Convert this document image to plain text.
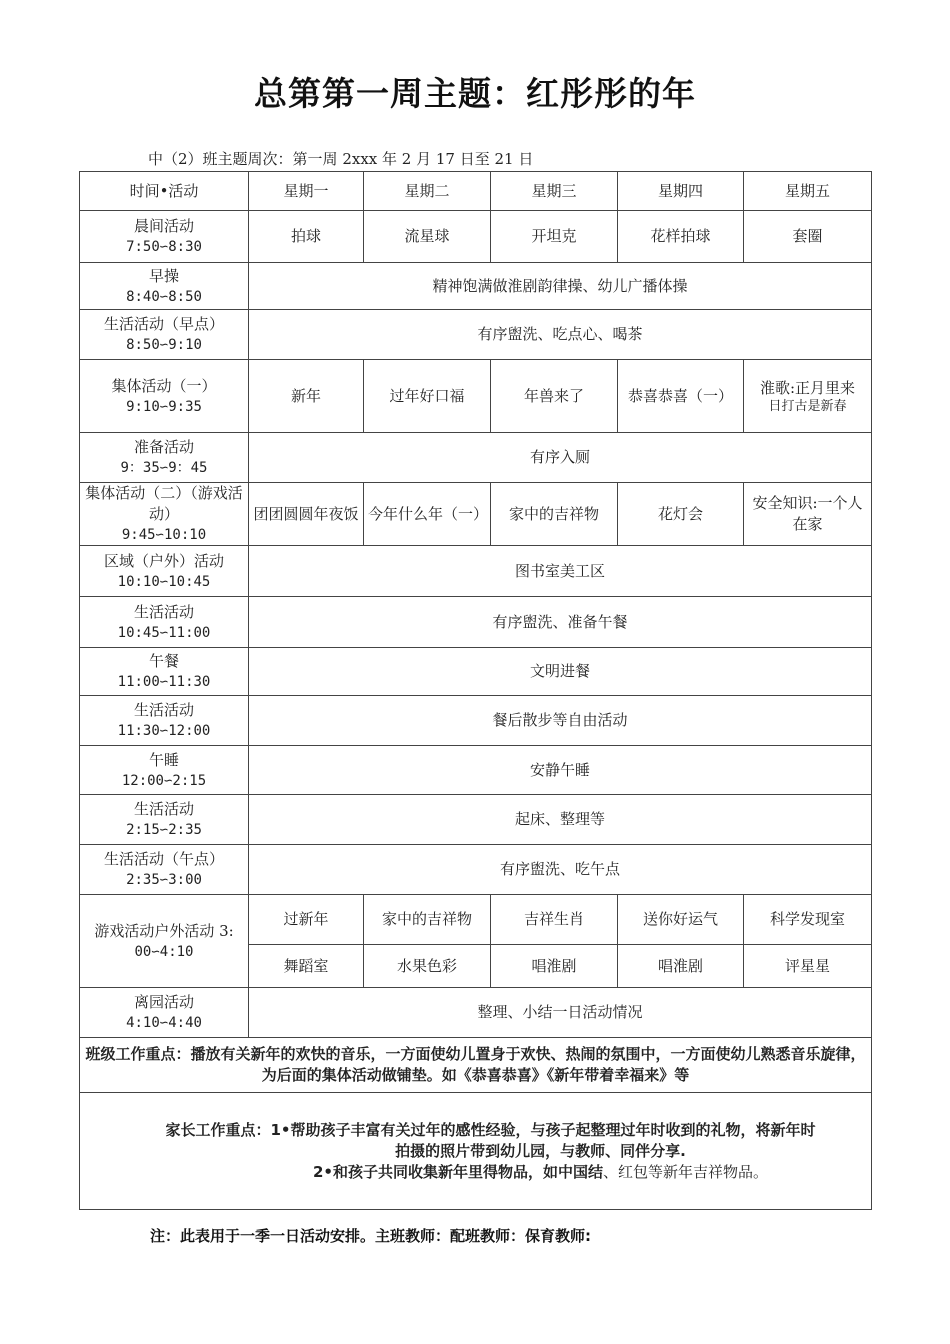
总第第一周主题：红彤彤的年
中（2）班主题周次：第一周 2xxx 年 2 月 17 日至 21 日
时间•活动	星期一	星期二	星期三	星期四	星期五

晨间活动
7:50∽8:30	拍球	流星球	开坦克	花样拍球	套圈

早操
8:40∽8:50	精神饱满做淮剧韵律操、幼儿广播体操				

生活活动（早点）
8:50∽9:10	有序盥洗、吃点心、喝茶				

集体活动（一）
9:10∽9:35	新年	过年好口福	年兽来了	恭喜恭喜（一）	淮歌:正月里来
日打古是新春

准备活动
9：35∽9：45	有序入厕				

集体活动（二）（游戏活动）
9:45∽10:10	团团圆圆年夜饭	今年什么年（一）	家中的吉祥物	花灯会	安全知识:一个人在家

区域（户外）活动
10:10∽10:45	图书室美工区				

生活活动
10:45∽11:00	有序盥洗、准备午餐				

午餐
11:00∽11:30	文明进餐				

生活活动
11:30∽12:00	餐后散步等自由活动				

午睡
12:00∽2:15	安静午睡				

生活活动
2:15∽2:35	起床、整理等				

生活活动（午点）
2:35∽3:00	有序盥洗、吃午点				

游戏活动户外活动 3:
00∽4:10	过新年	家中的吉祥物	吉祥生肖	送你好运气	科学发现室
	舞蹈室	水果色彩	唱淮剧	唱淮剧	评星星

离园活动
4:10∽4:40	整理、小结一日活动情况				
班级工作重点：播放有关新年的欢快的音乐，一方面使幼儿置身于欢快、热闹的氛围中，一方面使幼儿熟悉音乐旋律，为后面的集体活动做铺垫。如《恭喜恭喜》《新年带着幸福来》等					

家长工作重点：1•帮助孩子丰富有关过年的感性经验，与孩子起整理过年时收到的礼物，将新年时
拍摄的照片带到幼儿园，与教师、同伴分享.
2•和孩子共同收集新年里得物品，如中国结、红包等新年吉祥物品。					
注：此表用于一季一日活动安排。主班教师：配班教师：保育教师:
